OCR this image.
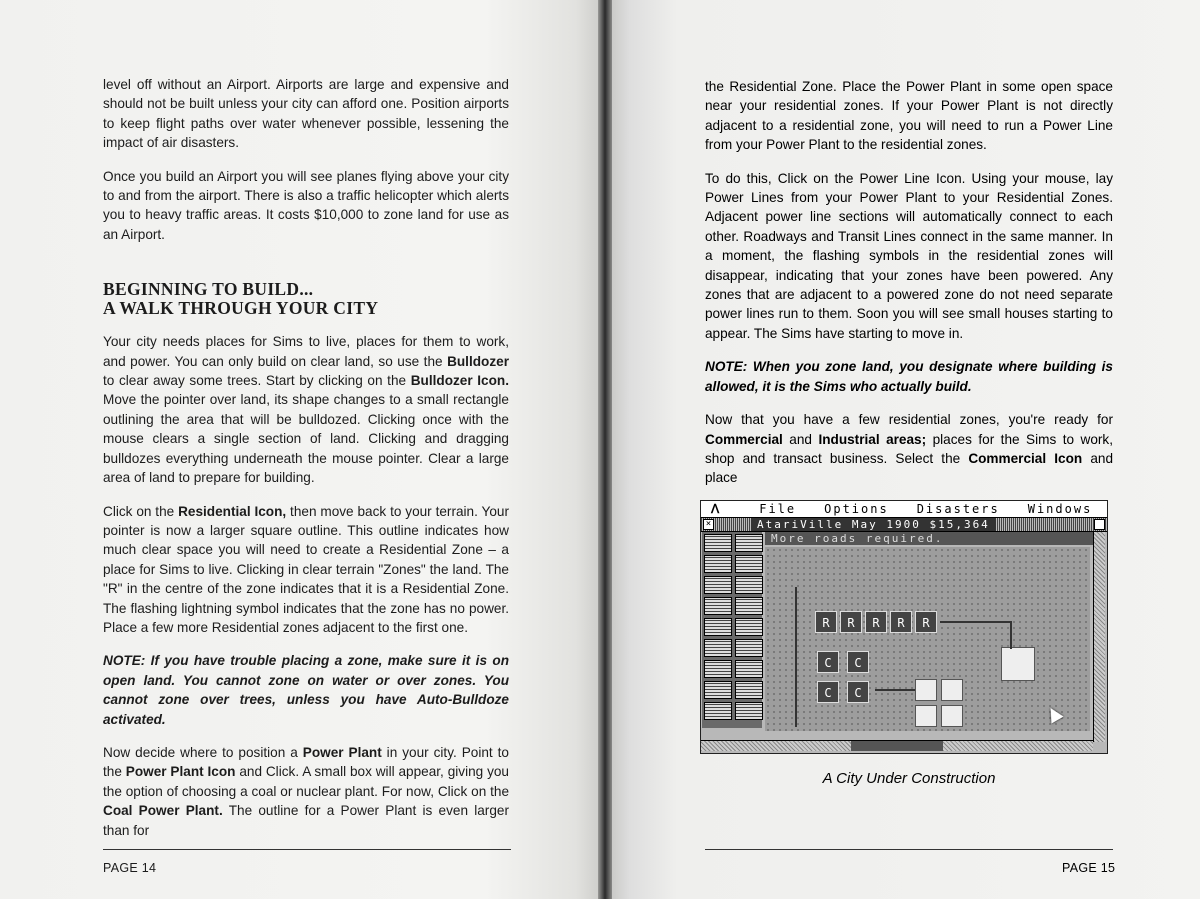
level off without an Airport. Airports are large and expensive and should not be built unless your city can afford one. Position airports to keep flight paths over water whenever possible, lessening the impact of air disasters.

Once you build an Airport you will see planes flying above your city to and from the airport. There is also a traffic helicopter which alerts you to heavy traffic areas. It costs $10,000 to zone land for use as an Airport.

BEGINNING TO BUILD...
A WALK THROUGH YOUR CITY

Your city needs places for Sims to live, places for them to work, and power. You can only build on clear land, so use the Bulldozer to clear away some trees. Start by clicking on the Bulldozer Icon. Move the pointer over land, its shape changes to a small rectangle outlining the area that will be bulldozed. Clicking once with the mouse clears a single section of land. Clicking and dragging bulldozes everything underneath the mouse pointer. Clear a large area of land to prepare for building.

Click on the Residential Icon, then move back to your terrain. Your pointer is now a larger square outline. This outline indicates how much clear space you will need to create a Residential Zone – a place for Sims to live. Clicking in clear terrain "Zones" the land. The "R" in the centre of the zone indicates that it is a Residential Zone. The flashing lightning symbol indicates that the zone has no power. Place a few more Residential zones adjacent to the first one.

NOTE: If you have trouble placing a zone, make sure it is on open land. You cannot zone on water or over zones. You cannot zone over trees, unless you have Auto-Bulldoze activated.

Now decide where to position a Power Plant in your city. Point to the Power Plant Icon and Click. A small box will appear, giving you the option of choosing a coal or nuclear plant. For now, Click on the Coal Power Plant. The outline for a Power Plant is even larger than for

PAGE 14

the Residential Zone. Place the Power Plant in some open space near your residential zones. If your Power Plant is not directly adjacent to a residential zone, you will need to run a Power Line from your Power Plant to the residential zones.

To do this, Click on the Power Line Icon. Using your mouse, lay Power Lines from your Power Plant to your Residential Zones. Adjacent power line sections will automatically connect to each other. Roadways and Transit Lines connect in the same manner. In a moment, the flashing symbols in the residential zones will disappear, indicating that your zones have been powered. Any zones that are adjacent to a powered zone do not need separate power lines run to them. Soon you will see small houses starting to appear. The Sims have starting to move in.

NOTE: When you zone land, you designate where building is allowed, it is the Sims who actually build.

Now that you have a few residential zones, you're ready for Commercial and Industrial areas; places for the Sims to work, shop and transact business. Select the Commercial Icon and place

ᐱ	File Options Disasters Windows
×	AtariVille May 1900 $15,364
More roads required.
R	R	R	R	R
C	C
C	C
A City Under Construction
PAGE 15
